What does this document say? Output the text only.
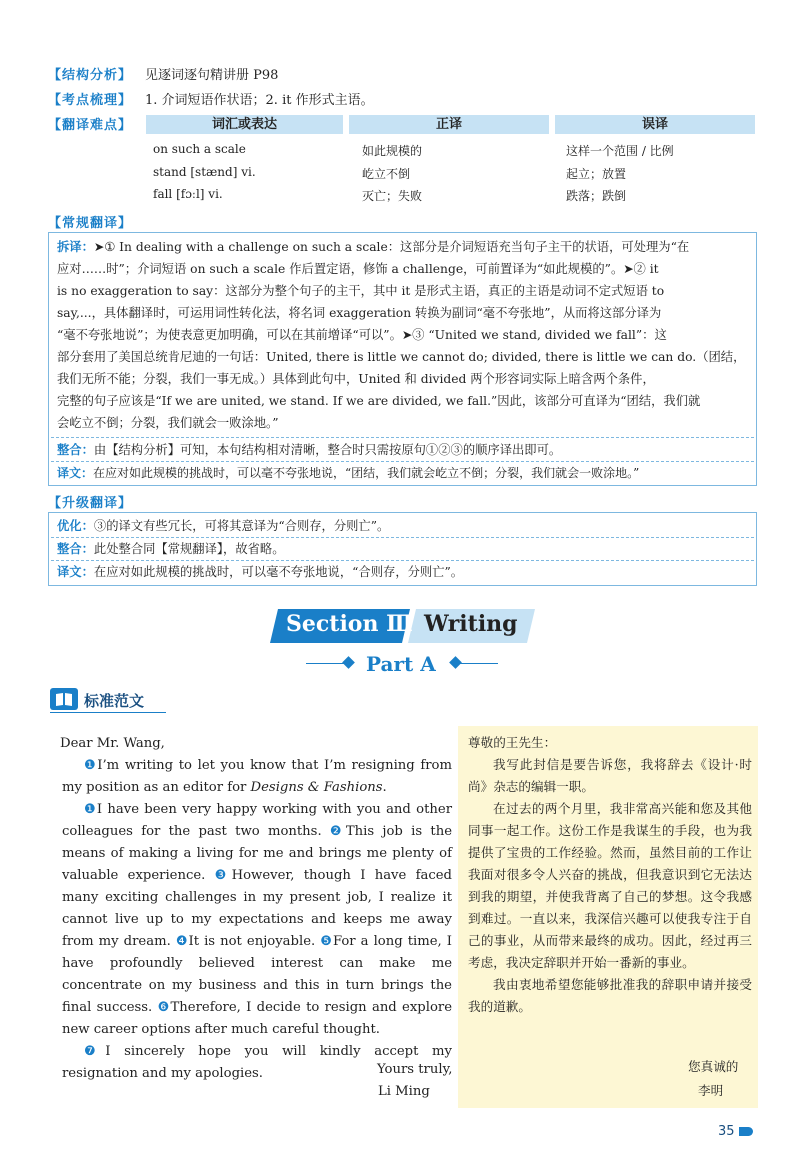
【结构分析】 见逐词逐句精讲册 P98
【考点梳理】 1. 介词短语作状语；2. it 作形式主语。
【翻译难点】	词汇或表达	正译	误译
on such a scale	如此规模的	这样一个范围 / 比例
stand [stænd] vi.	屹立不倒	起立；放置
fall [fɔːl] vi.	灭亡；失败	跌落；跌倒
【常规翻译】
拆译：➤① In dealing with a challenge on such a scale：这部分是介词短语充当句子主干的状语，可处理为“在
应对……时”；介词短语 on such a scale 作后置定语，修饰 a challenge，可前置译为“如此规模的”。➤② it
is no exaggeration to say：这部分为整个句子的主干，其中 it 是形式主语，真正的主语是动词不定式短语 to
say,...，具体翻译时，可运用词性转化法，将名词 exaggeration 转换为副词“毫不夸张地”，从而将这部分译为
“毫不夸张地说”；为使表意更加明确，可以在其前增译“可以”。➤③ “United we stand, divided we fall”：这
部分套用了美国总统肯尼迪的一句话：United, there is little we cannot do; divided, there is little we can do.（团结，
我们无所不能；分裂，我们一事无成。）具体到此句中，United 和 divided 两个形容词实际上暗含两个条件，
完整的句子应该是“If we are united, we stand. If we are divided, we fall.”因此，该部分可直译为“团结，我们就
会屹立不倒；分裂，我们就会一败涂地。”
整合：由【结构分析】可知，本句结构相对清晰，整合时只需按原句①②③的顺序译出即可。
译文：在应对如此规模的挑战时，可以毫不夸张地说，“团结，我们就会屹立不倒；分裂，我们就会一败涂地。”
【升级翻译】
优化：③的译文有些冗长，可将其意译为“合则存，分则亡”。
整合：此处整合同【常规翻译】，故省略。
译文：在应对如此规模的挑战时，可以毫不夸张地说，“合则存，分则亡”。
Section Ⅲ Writing
Part A
标准范文
Dear Mr. Wang,

❶I’m writing to let you know that I’m resigning from my position as an editor for Designs & Fashions.

❶I have been very happy working with you and other colleagues for the past two months. ❷This job is the means of making a living for me and brings me plenty of valuable experience. ❸However, though I have faced many exciting challenges in my present job, I realize it cannot live up to my expectations and keeps me away from my dream. ❹It is not enjoyable. ❺For a long time, I have profoundly believed interest can make me concentrate on my business and this in turn brings the final success. ❻Therefore, I decide to resign and explore new career options after much careful thought.

❼I sincerely hope you will kindly accept my resignation and my apologies.	Yours truly,
Li Ming
尊敬的王先生：

我写此封信是要告诉您，我将辞去《设计·时尚》杂志的编辑一职。

在过去的两个月里，我非常高兴能和您及其他同事一起工作。这份工作是我谋生的手段，也为我提供了宝贵的工作经验。然而，虽然目前的工作让我面对很多令人兴奋的挑战，但我意识到它无法达到我的期望，并使我背离了自己的梦想。这令我感到难过。一直以来，我深信兴趣可以使我专注于自己的事业，从而带来最终的成功。因此，经过再三考虑，我决定辞职并开始一番新的事业。

我由衷地希望您能够批准我的辞职申请并接受我的道歉。

您真诚的
李明
35
